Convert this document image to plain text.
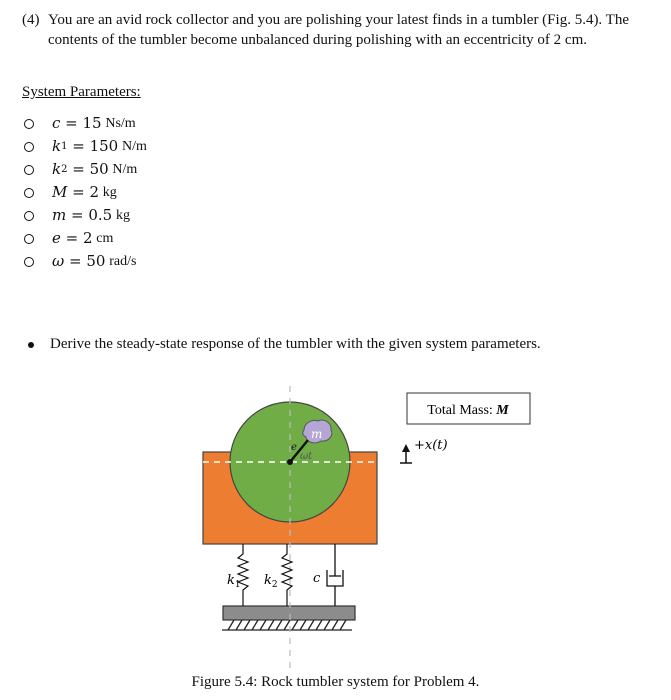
(4) You are an avid rock collector and you are polishing your latest finds in a tumbler (Fig. 5.4). The contents of the tumbler become unbalanced during polishing with an eccentricity of 2 cm.
System Parameters:
c = 15
Ns/m
k 1 = 150
N/m
k 2 = 50
N/m
M = 2
kg
m = 0.5
kg
e = 2
cm
ω = 50
rad/s
Derive the steady-state response of the tumbler with the given system parameters.
m
e
ωt
$k_1$ $k_2$	c
Total Mass: M
+x(t)
Figure 5.4: Rock tumbler system for Problem 4.
